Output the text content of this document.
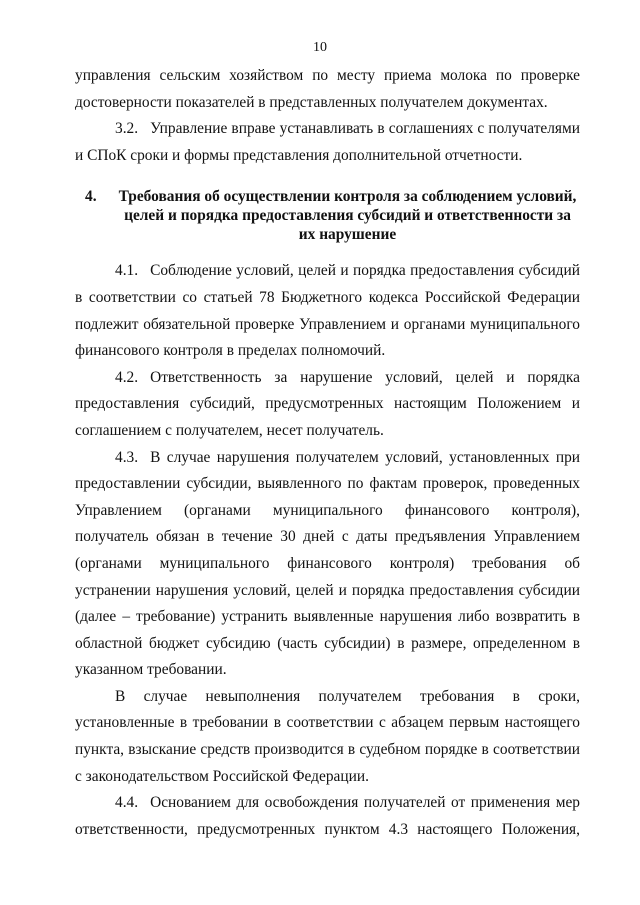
10

управления сельским хозяйством по месту приема молока по проверке достоверности показателей в представленных получателем документах.

3.2. Управление вправе устанавливать в соглашениях с получателями и СПоК сроки и формы представления дополнительной отчетности.

4.	Требования об осуществлении контроля за соблюдением условий, целей и порядка предоставления субсидий и ответственности за их нарушение

4.1. Соблюдение условий, целей и порядка предоставления субсидий в соответствии со статьей 78 Бюджетного кодекса Российской Федерации подлежит обязательной проверке Управлением и органами муниципального финансового контроля в пределах полномочий.

4.2. Ответственность за нарушение условий, целей и порядка предоставления субсидий, предусмотренных настоящим Положением и соглашением с получателем, несет получатель.

4.3. В случае нарушения получателем условий, установленных при предоставлении субсидии, выявленного по фактам проверок, проведенных Управлением (органами муниципального финансового контроля), получатель обязан в течение 30 дней с даты предъявления Управлением (органами муниципального финансового контроля) требования об устранении нарушения условий, целей и порядка предоставления субсидии (далее – требование) устранить выявленные нарушения либо возвратить в областной бюджет субсидию (часть субсидии) в размере, определенном в указанном требовании.

В случае невыполнения получателем требования в сроки, установленные в требовании в соответствии с абзацем первым настоящего пункта, взыскание средств производится в судебном порядке в соответствии с законодательством Российской Федерации.

4.4. Основанием для освобождения получателей от применения мер ответственности, предусмотренных пунктом 4.3 настоящего Положения,
